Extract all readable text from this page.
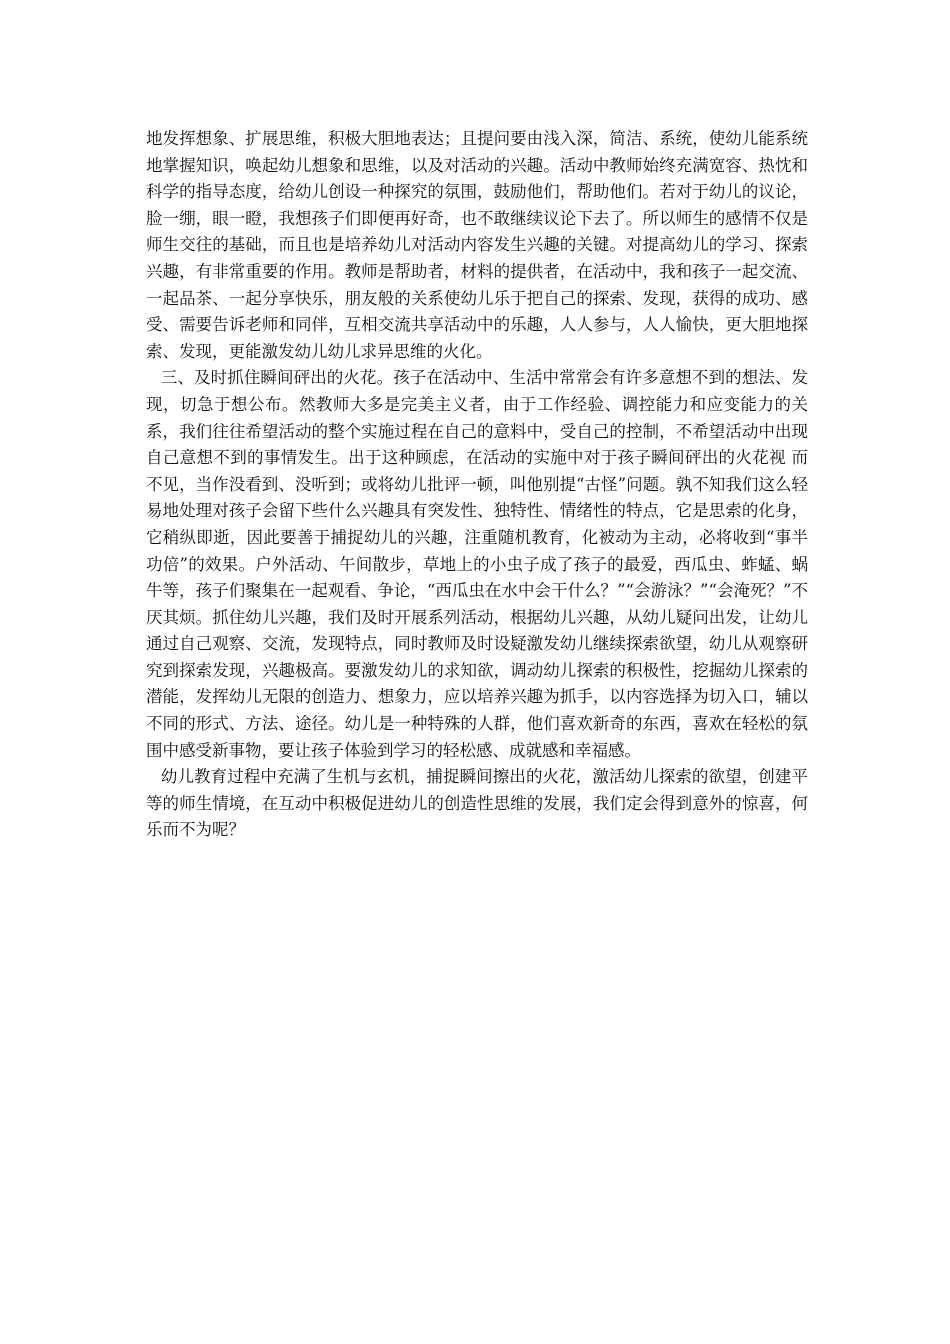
地发挥想象、扩展思维，积极大胆地表达；且提问要由浅入深，简洁、系统，使幼儿能系统地掌握知识，唤起幼儿想象和思维，以及对活动的兴趣。活动中教师始终充满宽容、热忱和科学的指导态度，给幼儿创设一种探究的氛围，鼓励他们，帮助他们。若对于幼儿的议论，脸一绷，眼一瞪，我想孩子们即便再好奇，也不敢继续议论下去了。所以师生的感情不仅是师生交往的基础，而且也是培养幼儿对活动内容发生兴趣的关键。对提高幼儿的学习、探索兴趣，有非常重要的作用。教师是帮助者，材料的提供者，在活动中，我和孩子一起交流、一起品茶、一起分享快乐，朋友般的关系使幼儿乐于把自己的探索、发现，获得的成功、感受、需要告诉老师和同伴，互相交流共享活动中的乐趣，人人参与，人人愉快，更大胆地探索、发现，更能激发幼儿幼儿求异思维的火化。

三、及时抓住瞬间砰出的火花。孩子在活动中、生活中常常会有许多意想不到的想法、发现，切急于想公布。然教师大多是完美主义者，由于工作经验、调控能力和应变能力的关系，我们往往希望活动的整个实施过程在自己的意料中，受自己的控制，不希望活动中出现自己意想不到的事情发生。出于这种顾虑，在活动的实施中对于孩子瞬间砰出的火花视 而不见，当作没看到、没听到；或将幼儿批评一顿，叫他别提“古怪”问题。孰不知我们这么轻易地处理对孩子会留下些什么兴趣具有突发性、独特性、情绪性的特点，它是思索的化身，它稍纵即逝，因此要善于捕捉幼儿的兴趣，注重随机教育，化被动为主动，必将收到“事半功倍”的效果。户外活动、午间散步，草地上的小虫子成了孩子的最爱，西瓜虫、蚱蜢、蜗牛等，孩子们聚集在一起观看、争论，“西瓜虫在水中会干什么？”“会游泳？”“会淹死？”不厌其烦。抓住幼儿兴趣，我们及时开展系列活动，根据幼儿兴趣，从幼儿疑问出发，让幼儿通过自己观察、交流，发现特点，同时教师及时设疑激发幼儿继续探索欲望，幼儿从观察研究到探索发现，兴趣极高。要激发幼儿的求知欲，调动幼儿探索的积极性，挖掘幼儿探索的潜能，发挥幼儿无限的创造力、想象力，应以培养兴趣为抓手，以内容选择为切入口，辅以不同的形式、方法、途径。幼儿是一种特殊的人群，他们喜欢新奇的东西，喜欢在轻松的氛围中感受新事物，要让孩子体验到学习的轻松感、成就感和幸福感。

幼儿教育过程中充满了生机与玄机，捕捉瞬间擦出的火花，激活幼儿探索的欲望，创建平等的师生情境，在互动中积极促进幼儿的创造性思维的发展，我们定会得到意外的惊喜，何乐而不为呢？
